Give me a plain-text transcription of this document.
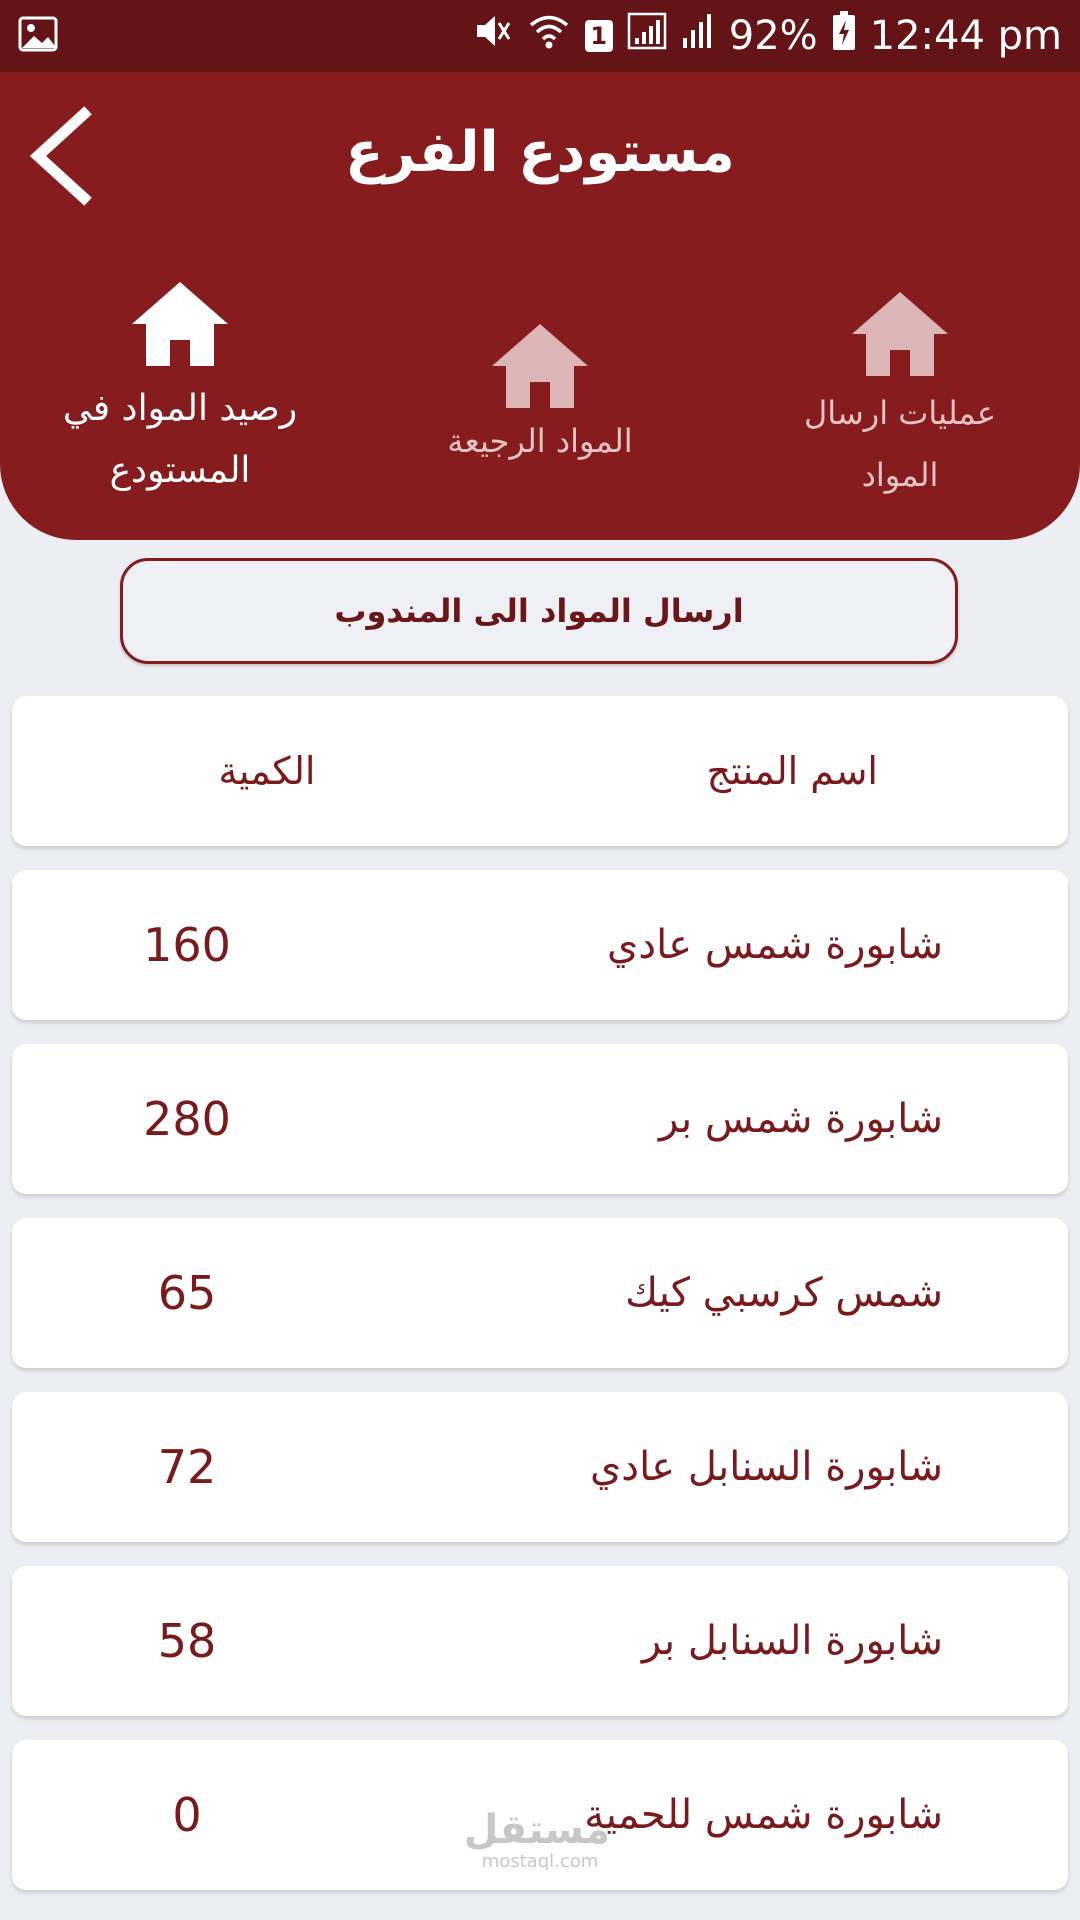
1	92% 12:44 pm
مستودع الفرع
رصيد المواد في
المستودع
المواد الرجيعة
عمليات ارسال
المواد
ارسال المواد الى المندوب
اسم المنتج
الكمية
شابورة شمس عادي
160
شابورة شمس بر
280
شمس كرسبي كيك
65
شابورة السنابل عادي
72
شابورة السنابل بر
58
شابورة شمس للحمية
0	مستقل
mostaql.com
